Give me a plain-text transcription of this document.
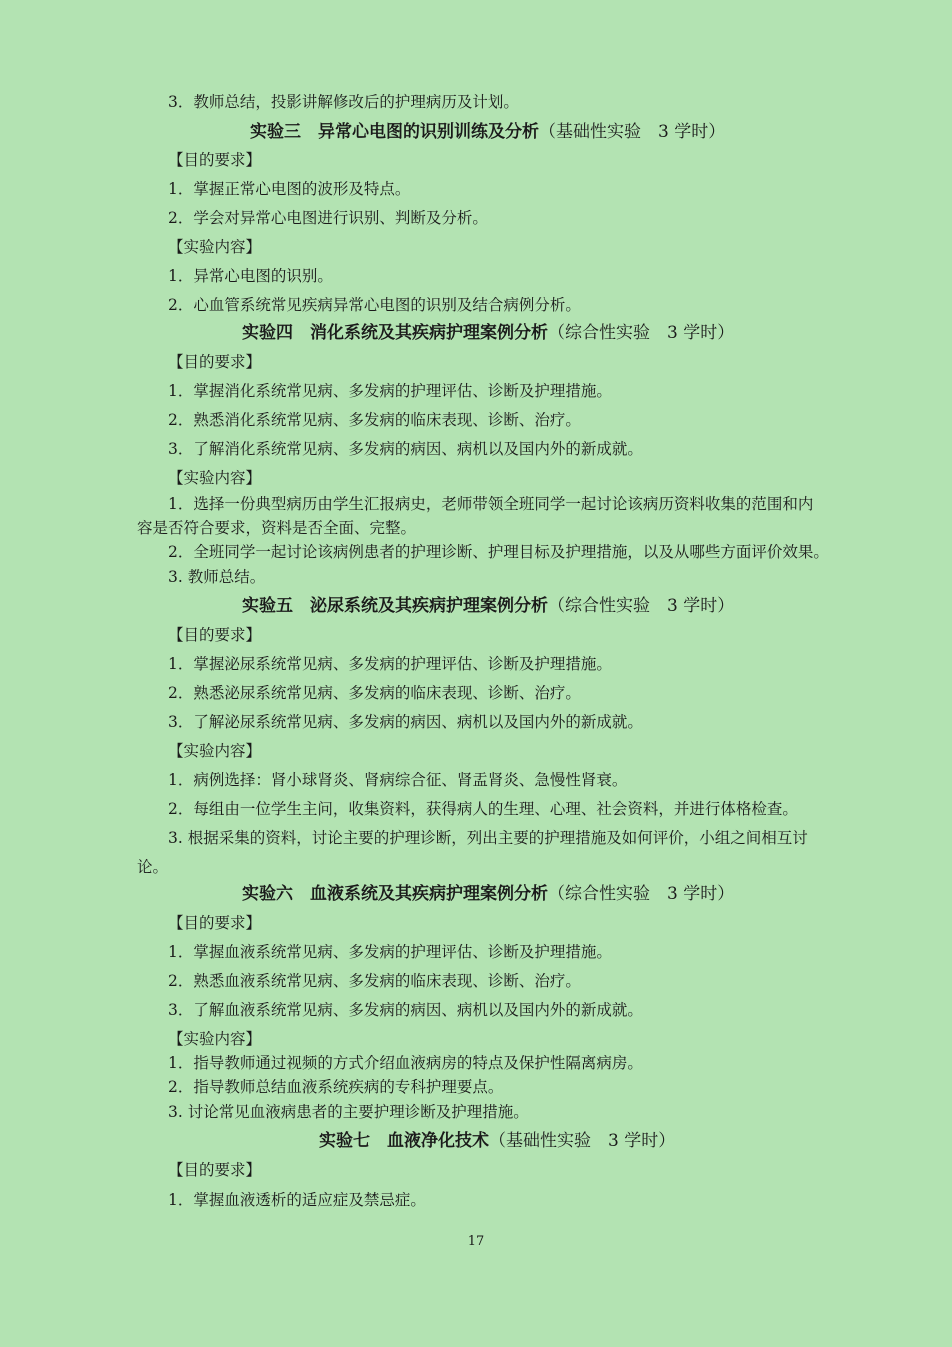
3．教师总结，投影讲解修改后的护理病历及计划。
实验三　异常心电图的识别训练及分析（基础性实验　3 学时）
【目的要求】
1．掌握正常心电图的波形及特点。
2．学会对异常心电图进行识别、判断及分析。
【实验内容】
1．异常心电图的识别。
2．心血管系统常见疾病异常心电图的识别及结合病例分析。
实验四　消化系统及其疾病护理案例分析（综合性实验　3 学时）
【目的要求】
1．掌握消化系统常见病、多发病的护理评估、诊断及护理措施。
2．熟悉消化系统常见病、多发病的临床表现、诊断、治疗。
3．了解消化系统常见病、多发病的病因、病机以及国内外的新成就。
【实验内容】
1．选择一份典型病历由学生汇报病史，老师带领全班同学一起讨论该病历资料收集的范围和内
容是否符合要求，资料是否全面、完整。
2．全班同学一起讨论该病例患者的护理诊断、护理目标及护理措施，以及从哪些方面评价效果。
3. 教师总结。
实验五　泌尿系统及其疾病护理案例分析（综合性实验　3 学时）
【目的要求】
1．掌握泌尿系统常见病、多发病的护理评估、诊断及护理措施。
2．熟悉泌尿系统常见病、多发病的临床表现、诊断、治疗。
3．了解泌尿系统常见病、多发病的病因、病机以及国内外的新成就。
【实验内容】
1．病例选择：肾小球肾炎、肾病综合征、肾盂肾炎、急慢性肾衰。
2．每组由一位学生主问，收集资料，获得病人的生理、心理、社会资料，并进行体格检查。
3. 根据采集的资料，讨论主要的护理诊断，列出主要的护理措施及如何评价，小组之间相互讨
论。
实验六　血液系统及其疾病护理案例分析（综合性实验　3 学时）
【目的要求】
1．掌握血液系统常见病、多发病的护理评估、诊断及护理措施。
2．熟悉血液系统常见病、多发病的临床表现、诊断、治疗。
3．了解血液系统常见病、多发病的病因、病机以及国内外的新成就。
【实验内容】
1．指导教师通过视频的方式介绍血液病房的特点及保护性隔离病房。
2．指导教师总结血液系统疾病的专科护理要点。
3. 讨论常见血液病患者的主要护理诊断及护理措施。
实验七　血液净化技术（基础性实验　3 学时）
【目的要求】
1．掌握血液透析的适应症及禁忌症。
17
